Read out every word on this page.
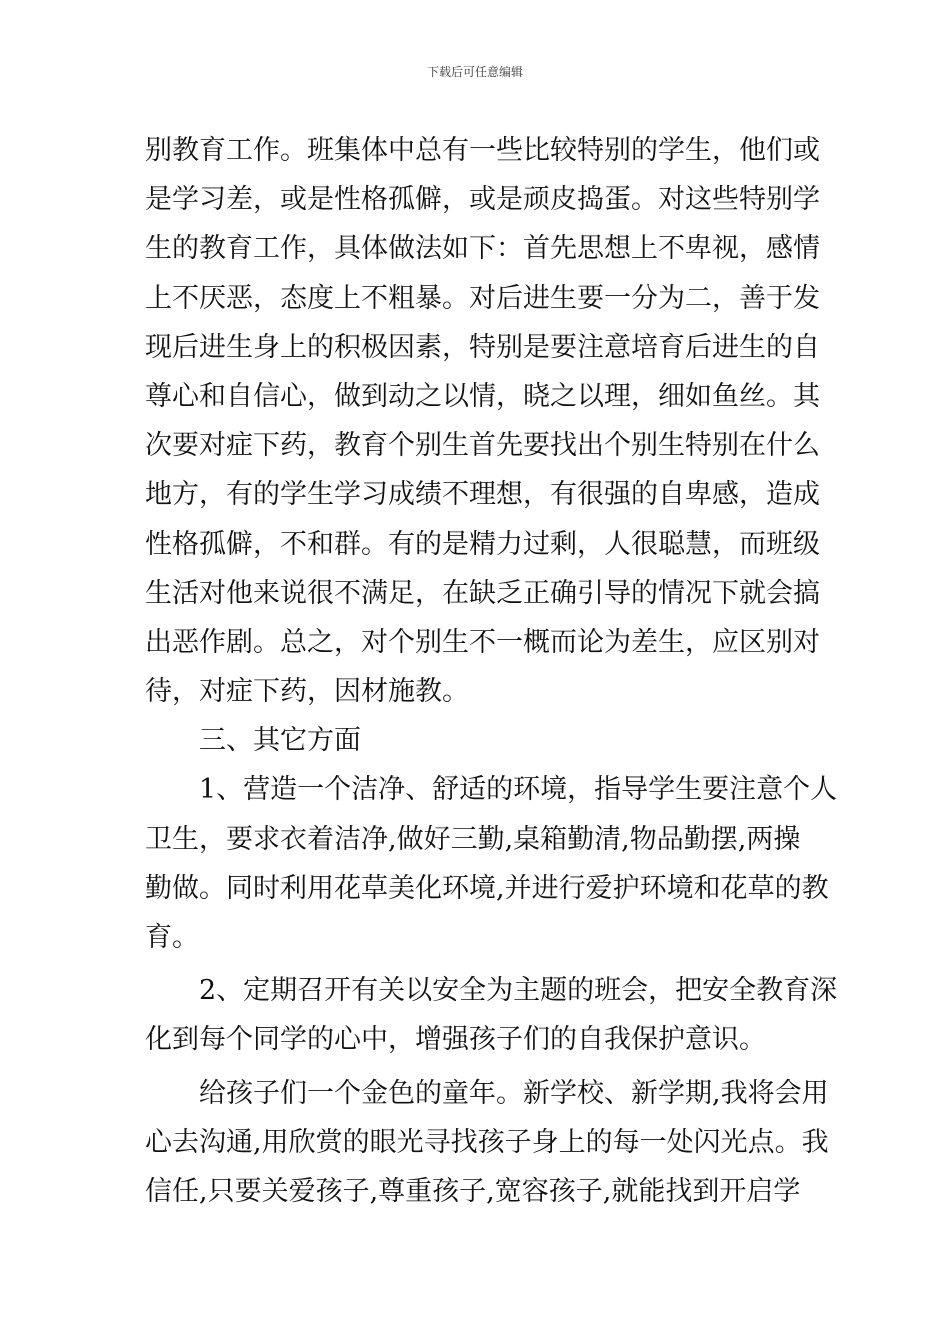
下载后可任意编辑
别教育工作。班集体中总有一些比较特别的学生，他们或
是学习差，或是性格孤僻，或是顽皮捣蛋。对这些特别学
生的教育工作，具体做法如下：首先思想上不卑视，感情
上不厌恶，态度上不粗暴。对后进生要一分为二，善于发
现后进生身上的积极因素，特别是要注意培育后进生的自
尊心和自信心，做到动之以情，晓之以理，细如鱼丝。其
次要对症下药，教育个别生首先要找出个别生特别在什么
地方，有的学生学习成绩不理想，有很强的自卑感，造成
性格孤僻，不和群。有的是精力过剩，人很聪慧，而班级
生活对他来说很不满足，在缺乏正确引导的情况下就会搞
出恶作剧。总之，对个别生不一概而论为差生，应区别对
待，对症下药，因材施教。
三、其它方面
1、营造一个洁净、舒适的环境，指导学生要注意个人
卫生，要求衣着洁净,做好三勤,桌箱勤清,物品勤摆,两操
勤做。同时利用花草美化环境,并进行爱护环境和花草的教
育。
2、定期召开有关以安全为主题的班会，把安全教育深
化到每个同学的心中，增强孩子们的自我保护意识。
给孩子们一个金色的童年。新学校、新学期,我将会用
心去沟通,用欣赏的眼光寻找孩子身上的每一处闪光点。我
信任,只要关爱孩子,尊重孩子,宽容孩子,就能找到开启学
